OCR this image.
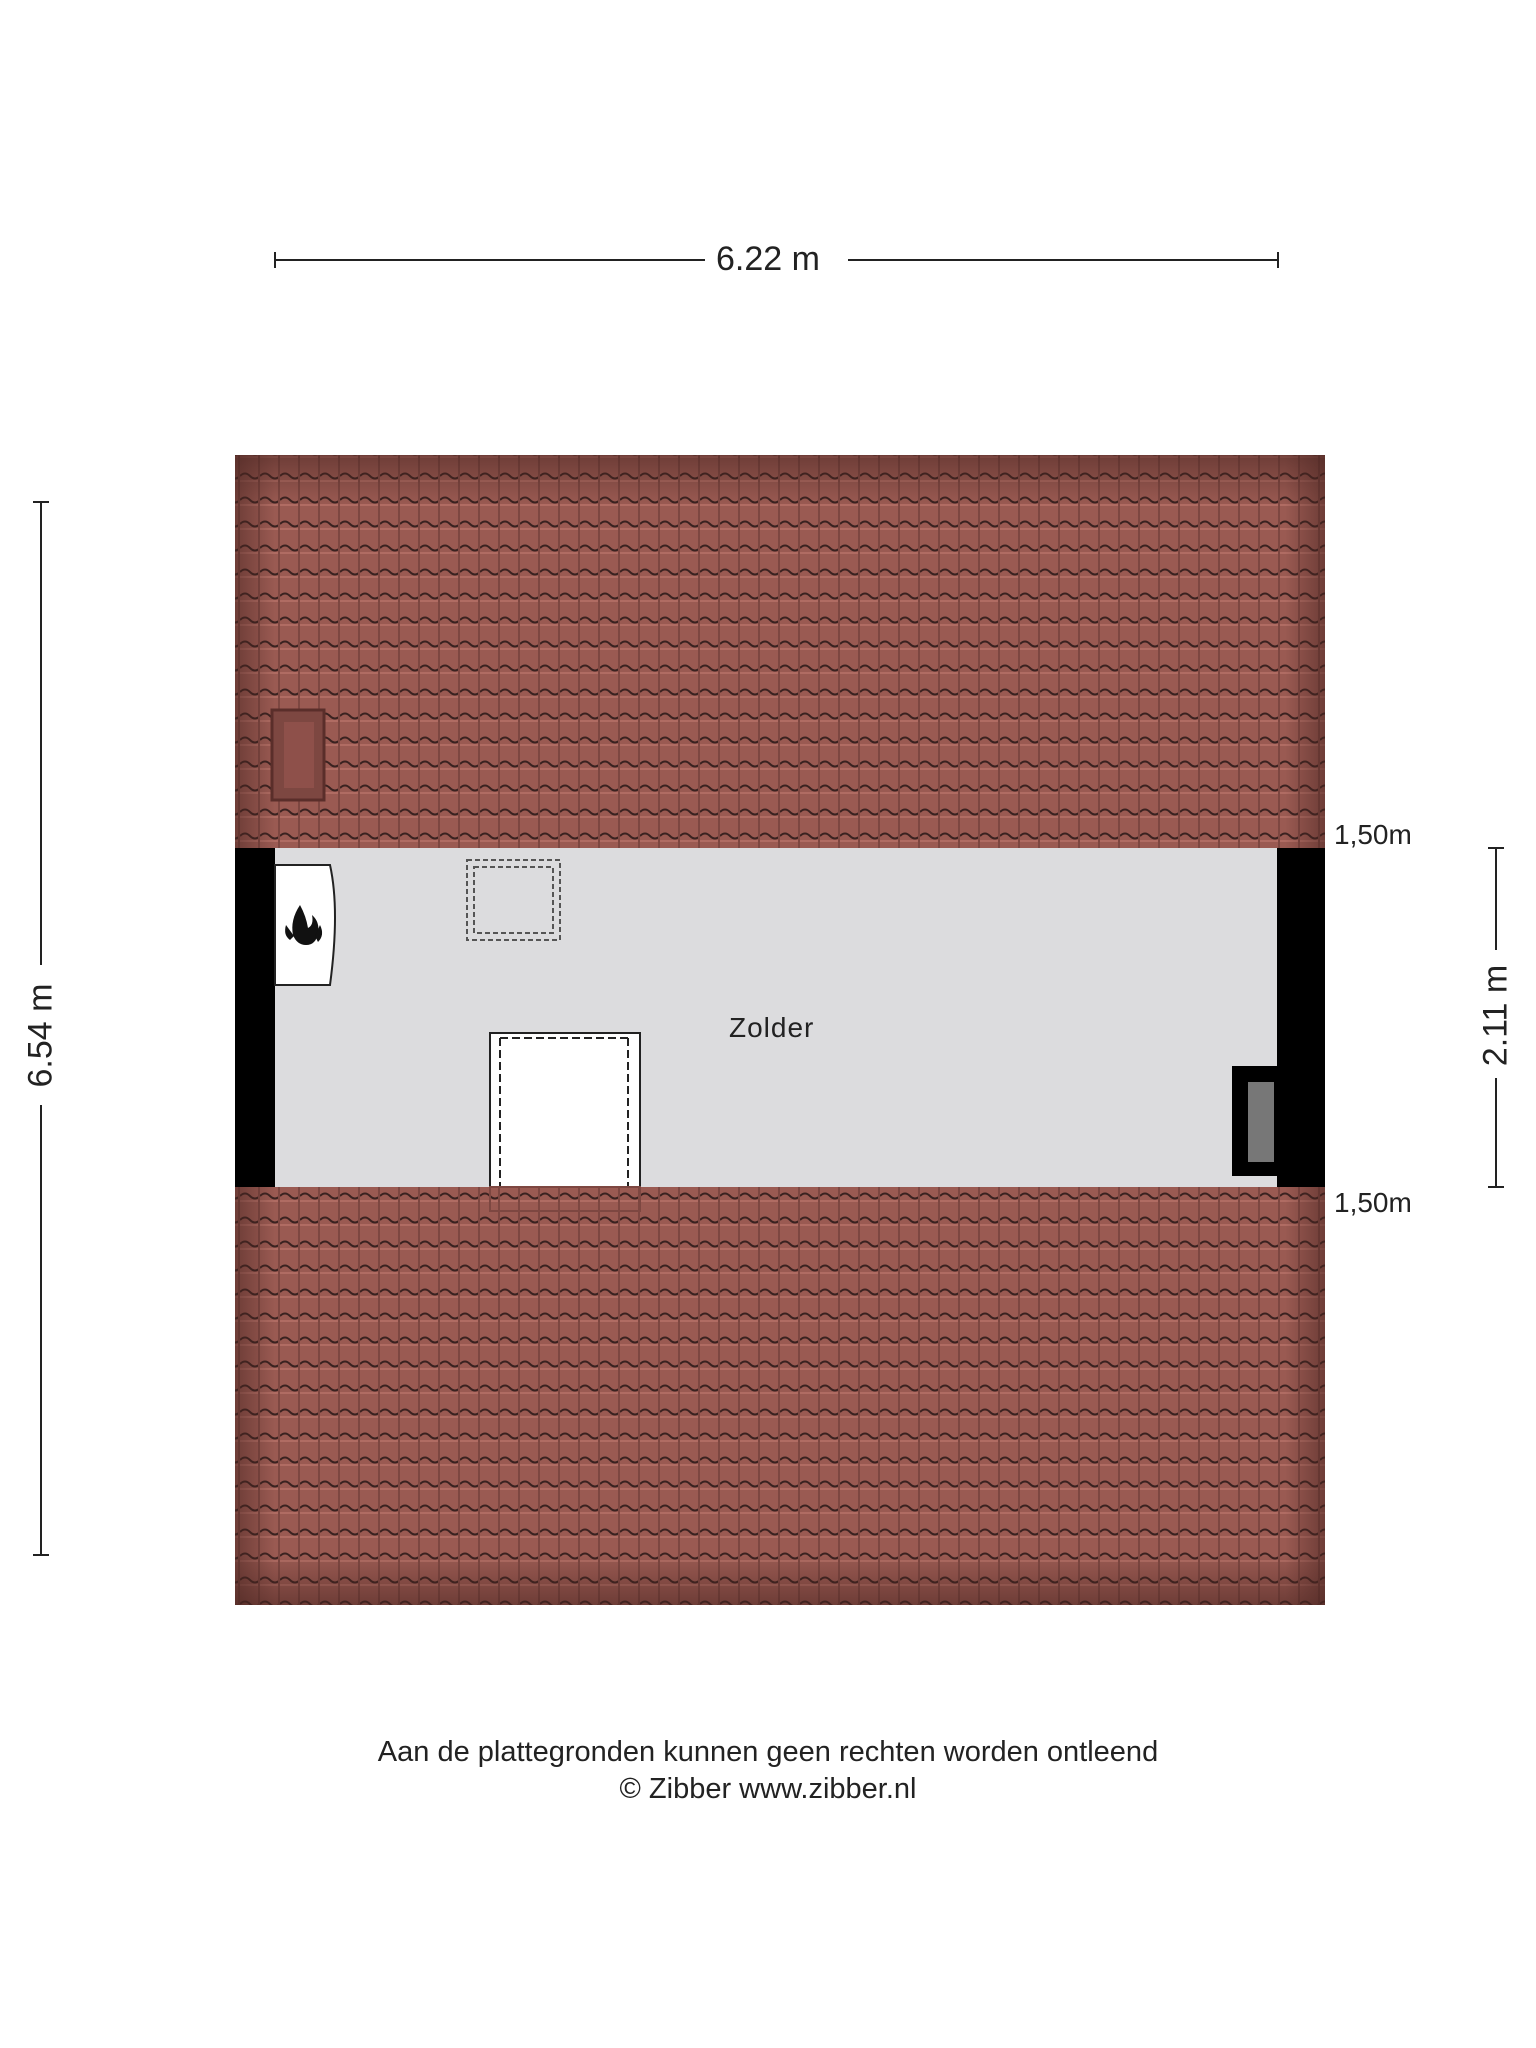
6.22 m
6.54 m	2.11 m
1,50m
1,50m
Zolder
Aan de plattegronden kunnen geen rechten worden ontleend
© Zibber www.zibber.nl
